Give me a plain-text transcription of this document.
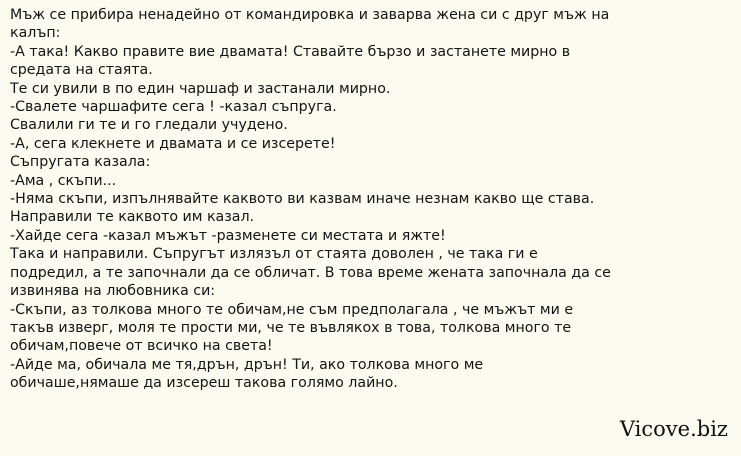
Мъж се прибира ненадейно от командировка и заварва жена си с друг мъж на
калъп:
-А така! Какво правите вие двамата! Ставайте бързо и застанете мирно в
средата на стаята.
Те си увили в по един чаршаф и застанали мирно.
-Свалете чаршафите сега ! -казал съпруга.
Свалили ги те и го гледали учудено.
-А, сега клекнете и двамата и се изсерете!
Съпругата казала:
-Ама , скъпи...
-Няма скъпи, изпълнявайте каквото ви казвам иначе незнам какво ще става.
Направили те каквото им казал.
-Хайде сега -казал мъжът -разменете си местата и яжте!
Така и направили. Съпругът излязъл от стаята доволен , че така ги е
подредил, а те започнали да се обличат. В това време жената започнала да се
извинява на любовника си:
-Скъпи, аз толкова много те обичам,не съм предполагала , че мъжът ми е
такъв изверг, моля те прости ми, че те въвлякох в това, толкова много те
обичам,повече от всичко на света!
-Айде ма, обичала ме тя,дрън, дрън! Ти, ако толкова много ме
обичаше,нямаше да изсереш такова голямо лайно.
Vicove.biz
